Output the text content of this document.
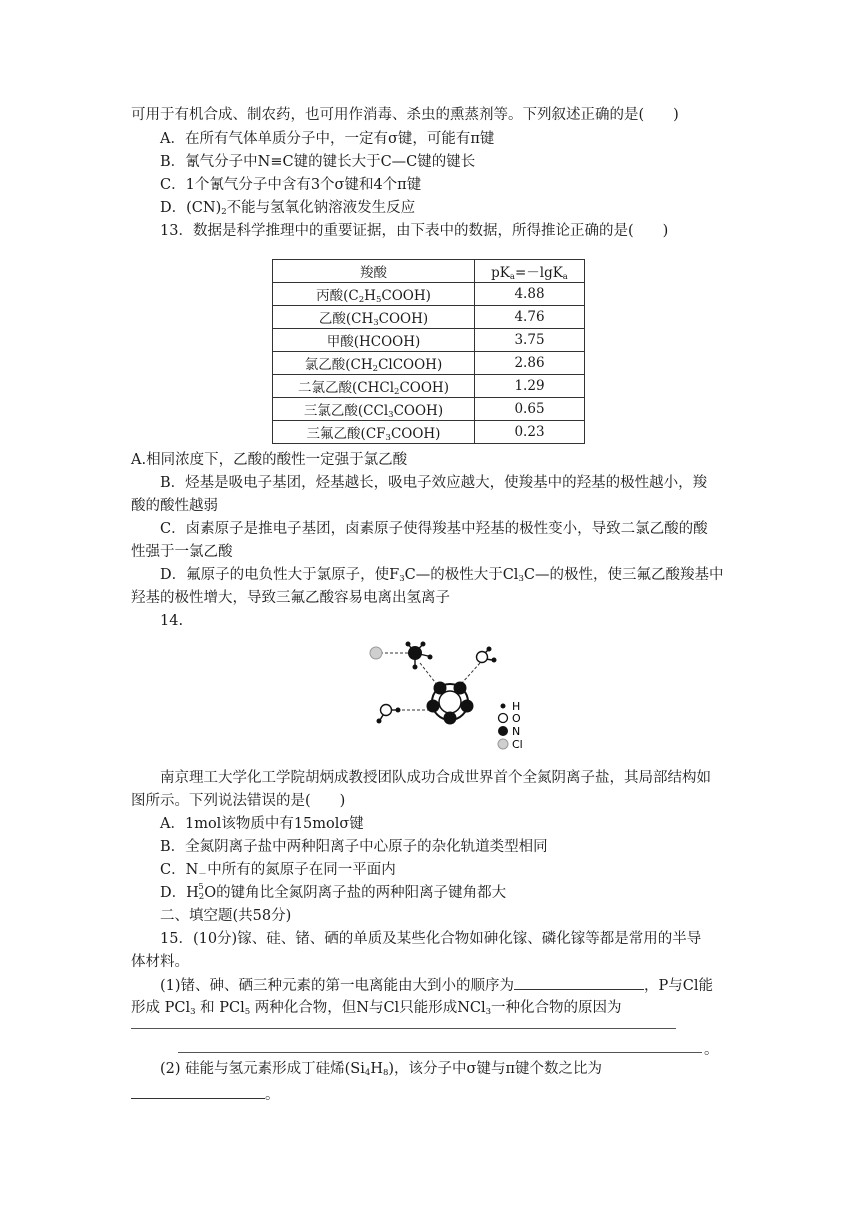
可用于有机合成、制农药，也可用作消毒、杀虫的熏蒸剂等。下列叙述正确的是(　　)
A．在所有气体单质分子中，一定有σ键，可能有π键
B．氰气分子中N≡C键的键长大于C—C键的键长
C．1个氰气分子中含有3个σ键和4个π键
D．$(CN)_2$不能与氢氧化钠溶液发生反应
13．数据是科学推理中的重要证据，由下表中的数据，所得推论正确的是(　　)
羧酸	$pK_a=-\lg K_a$
丙酸$(C_2H_5COOH)$	4.88
乙酸$(CH_3COOH)$	4.76
甲酸(HCOOH)	3.75
氯乙酸$(CH_2ClCOOH)$	2.86
二氯乙酸(CHCl$_2$COOH)	1.29
三氯乙酸(CCl$_3$COOH)	0.65
三氟乙酸$(CF_3COOH)$	0.23
A.相同浓度下，乙酸的酸性一定强于氯乙酸
B．烃基是吸电子基团，烃基越长，吸电子效应越大，使羧基中的羟基的极性越小，羧
酸的酸性越弱
C．卤素原子是推电子基团，卤素原子使得羧基中羟基的极性变小，导致二氯乙酸的酸
性强于一氯乙酸
D．氟原子的电负性大于氯原子，使$F_3C—$的极性大于$Cl_3C—$的极性，使三氟乙酸羧基中
羟基的极性增大，导致三氟乙酸容易电离出氢离子
14.
H
O
N
Cl
南京理工大学化工学院胡炳成教授团队成功合成世界首个全氮阴离子盐，其局部结构如
图所示。下列说法错误的是(　　)
A．1mol该物质中有15molσ键
B．全氮阴离子盐中两种阳离子中心原子的杂化轨道类型相同
C．N －
5
中所有的氮原子在同一平面内
D．$H_2O$的键角比全氮阴离子盐的两种阳离子键角都大
二、填空题(共58分)
15．(10分)镓、硅、锗、硒的单质及某些化合物如砷化镓、磷化镓等都是常用的半导
体材料。
(1)锗、砷、硒三种元素的第一电离能由大到小的顺序为	，P与Cl能
形成 PCl$_3$ 和 PCl$_5$ 两种化合物，但N与Cl只能形成NCl$_3$一种化合物的原因为
。
(2) 硅能与氢元素形成丁硅烯$(Si_4H_8)$，该分子中σ键与π键个数之比为
。
